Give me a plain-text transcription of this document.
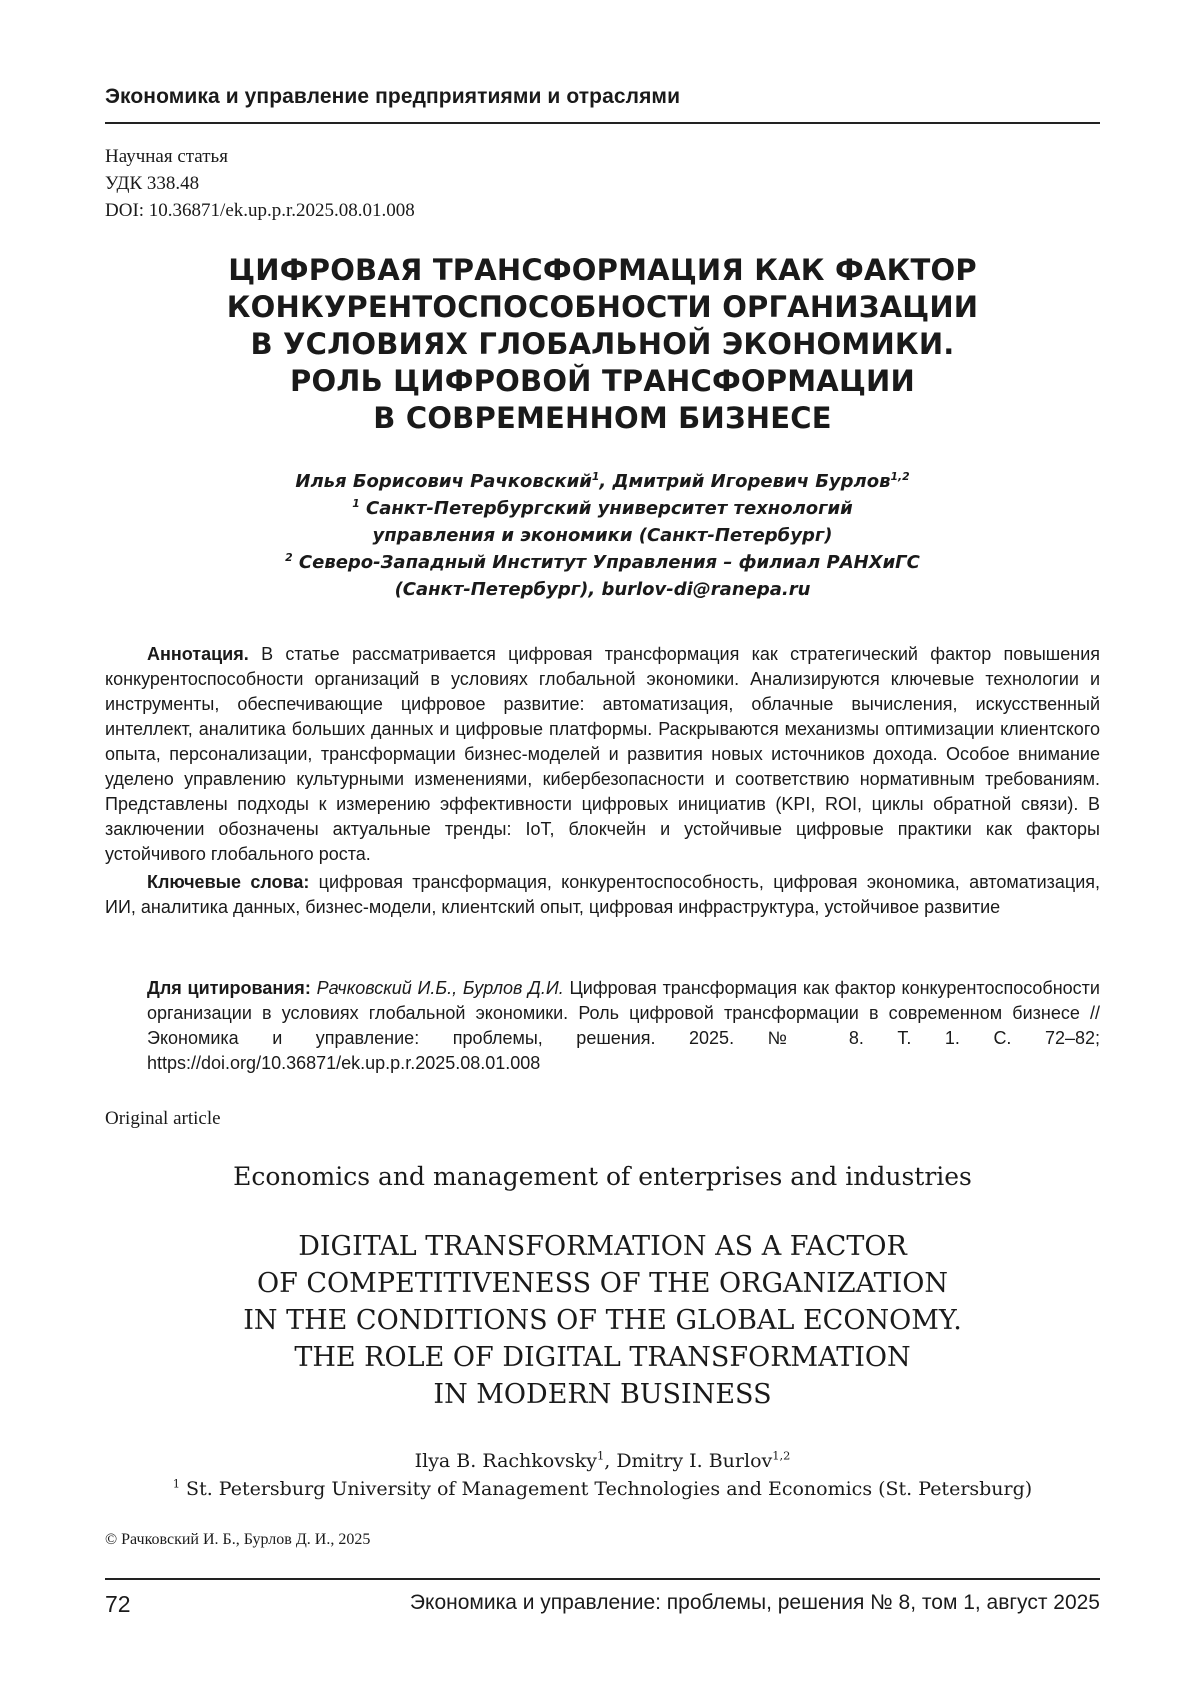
Экономика и управление предприятиями и отраслями
Научная статья
УДК 338.48
DOI: 10.36871/ek.up.p.r.2025.08.01.008
ЦИФРОВАЯ ТРАНСФОРМАЦИЯ КАК ФАКТОР
КОНКУРЕНТОСПОСОБНОСТИ ОРГАНИЗАЦИИ
В УСЛОВИЯХ ГЛОБАЛЬНОЙ ЭКОНОМИКИ.
РОЛЬ ЦИФРОВОЙ ТРАНСФОРМАЦИИ
В СОВРЕМЕННОМ БИЗНЕСЕ
Илья Борисович Рачковский1, Дмитрий Игоревич Бурлов1,2
1 Санкт-Петербургский университет технологий
управления и экономики (Санкт-Петербург)
2 Северо-Западный Институт Управления – филиал РАНХиГС
(Санкт-Петербург), burlov-di@ranepa.ru

Аннотация. В статье рассматривается цифровая трансформация как стратегический фактор повышения конкурентоспособности организаций в условиях глобальной экономики. Анализируются ключевые технологии и инструменты, обеспечивающие цифровое развитие: автоматизация, облачные вычисления, искусственный интеллект, аналитика больших данных и цифровые платформы. Раскрываются механизмы оптимизации клиентского опыта, персонализации, трансформации бизнес-моделей и развития новых источников дохода. Особое внимание уделено управлению культурными изменениями, кибербезопасности и соответствию нормативным требованиям. Представлены подходы к измерению эффективности цифровых инициатив (KPI, ROI, циклы обратной связи). В заключении обозначены актуальные тренды: IoT, блокчейн и устойчивые цифровые практики как факторы устойчивого глобального роста.

Ключевые слова: цифровая трансформация, конкурентоспособность, цифровая экономика, автоматизация, ИИ, аналитика данных, бизнес-модели, клиентский опыт, цифровая инфраструктура, устойчивое развитие

Для цитирования: Рачковский И.Б., Бурлов Д.И. Цифровая трансформация как фактор конкурентоспособности организации в условиях глобальной экономики. Роль цифровой трансформации в современном бизнесе // Экономика и управление: проблемы, решения. 2025. № 8. Т. 1. С. 72–82; https://doi.org/10.36871/ek.up.p.r.2025.08.01.008

Original article
Economics and management of enterprises and industries
DIGITAL TRANSFORMATION AS A FACTOR
OF COMPETITIVENESS OF THE ORGANIZATION
IN THE CONDITIONS OF THE GLOBAL ECONOMY.
THE ROLE OF DIGITAL TRANSFORMATION
IN MODERN BUSINESS
Ilya B. Rachkovsky1, Dmitry I. Burlov1,2
1 St. Petersburg University of Management Technologies and Economics (St. Petersburg)
© Рачковский И. Б., Бурлов Д. И., 2025
72	Экономика и управление: проблемы, решения № 8, том 1, август 2025
